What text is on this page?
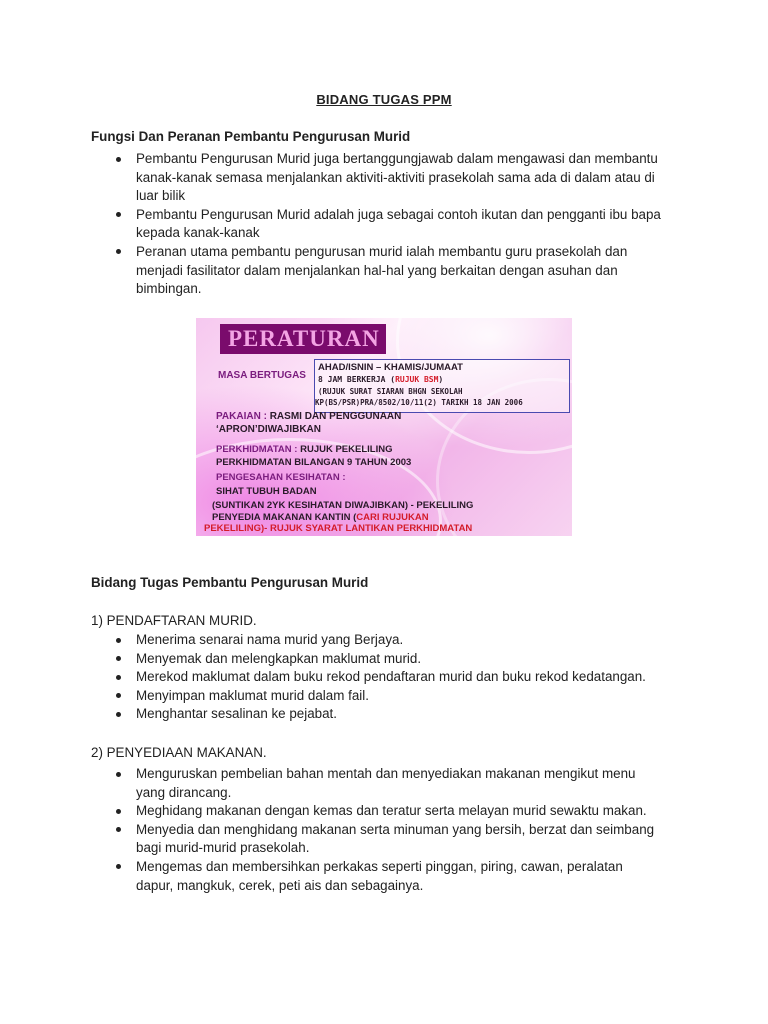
BIDANG TUGAS PPM
Fungsi Dan Peranan Pembantu Pengurusan Murid
Pembantu Pengurusan Murid juga bertanggungjawab dalam mengawasi dan membantu
kanak-kanak semasa menjalankan aktiviti-aktiviti prasekolah sama ada di dalam atau di
luar bilik
Pembantu Pengurusan Murid adalah juga sebagai contoh ikutan dan pengganti ibu bapa
kepada kanak-kanak
Peranan utama pembantu pengurusan murid ialah membantu guru prasekolah dan
menjadi fasilitator dalam menjalankan hal-hal yang berkaitan dengan asuhan dan
bimbingan.
PERATURAN
MASA BERTUGAS
AHAD/ISNIN – KHAMIS/JUMAAT
8 JAM BERKERJA (RUJUK BSM)
(RUJUK SURAT SIARAN BHGN SEKOLAH
KP(BS/PSR)PRA/8502/10/11(2) TARIKH 18 JAN 2006
PAKAIAN : RASMI DAN PENGGUNAAN
‘APRON’DIWAJIBKAN
PERKHIDMATAN : RUJUK PEKELILING
PERKHIDMATAN BILANGAN 9 TAHUN 2003
PENGESAHAN KESIHATAN :
SIHAT TUBUH BADAN
(SUNTIKAN 2YK KESIHATAN DIWAJIBKAN) - PEKELILING
PENYEDIA MAKANAN KANTIN (CARI RUJUKAN
PEKELILING)- RUJUK SYARAT LANTIKAN PERKHIDMATAN
Bidang Tugas Pembantu Pengurusan Murid
1) PENDAFTARAN MURID.
Menerima senarai nama murid yang Berjaya.
Menyemak dan melengkapkan maklumat murid.
Merekod maklumat dalam buku rekod pendaftaran murid dan buku rekod kedatangan.
Menyimpan maklumat murid dalam fail.
Menghantar sesalinan ke pejabat.
2) PENYEDIAAN MAKANAN.
Menguruskan pembelian bahan mentah dan menyediakan makanan mengikut menu
yang dirancang.
Meghidang makanan dengan kemas dan teratur serta melayan murid sewaktu makan.
Menyedia dan menghidang makanan serta minuman yang bersih, berzat dan seimbang
bagi murid-murid prasekolah.
Mengemas dan membersihkan perkakas seperti pinggan, piring, cawan, peralatan
dapur, mangkuk, cerek, peti ais dan sebagainya.
